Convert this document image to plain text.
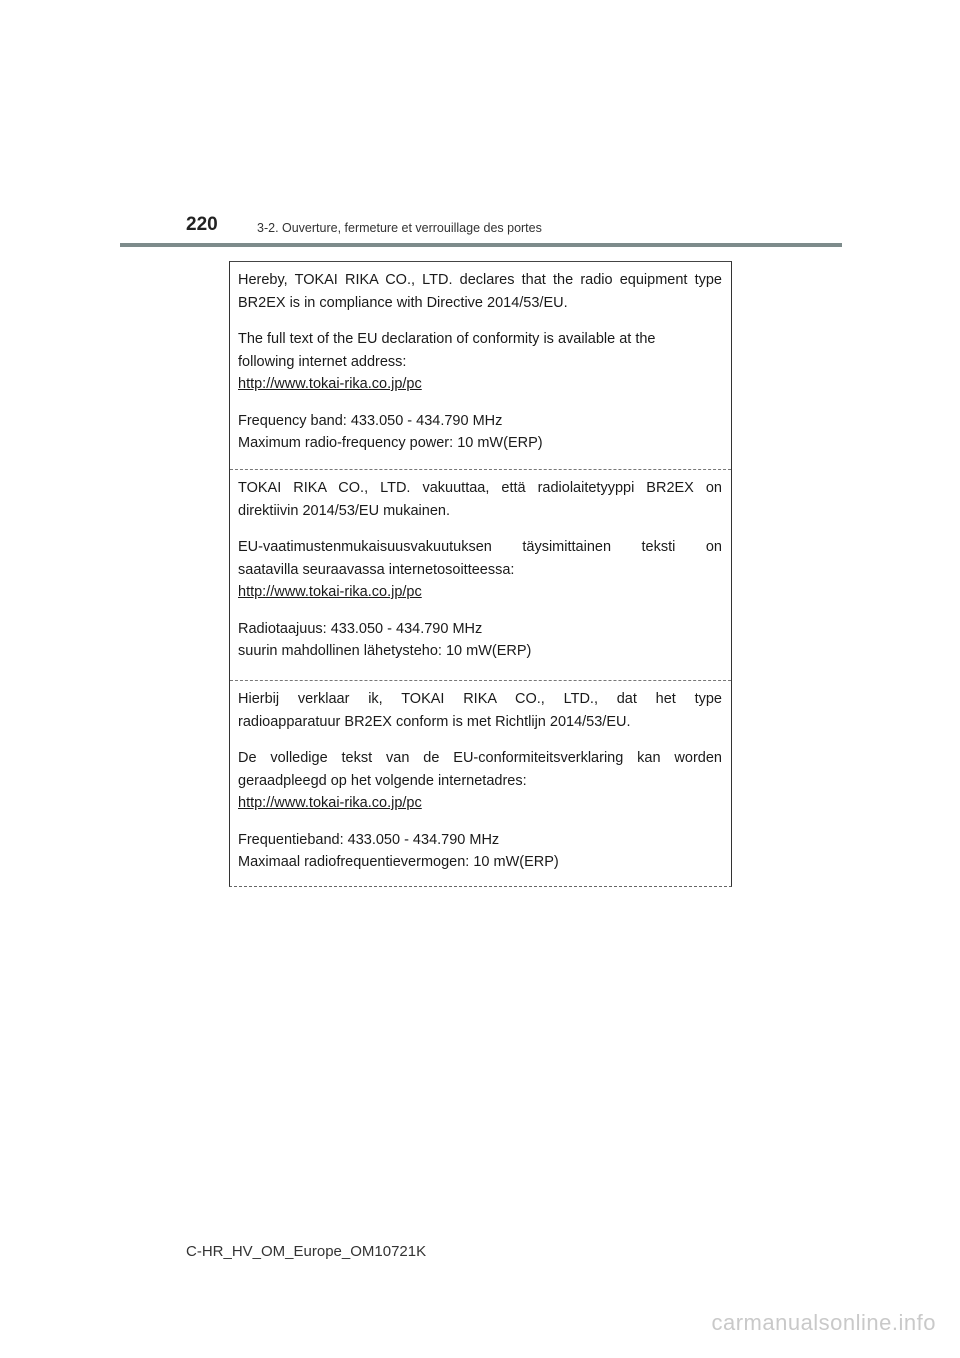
220	3-2. Ouverture, fermeture et verrouillage des portes

Hereby, TOKAI RIKA CO., LTD. declares that the radio equipment type

BR2EX is in compliance with Directive 2014/53/EU.

The full text of the EU declaration of conformity is available at the

following internet address:

http://www.tokai-rika.co.jp/pc

Frequency band: 433.050 - 434.790 MHz

Maximum radio-frequency power: 10 mW(ERP)

TOKAI RIKA CO., LTD. vakuuttaa, että radiolaitetyyppi BR2EX on

direktiivin 2014/53/EU mukainen.

EU-vaatimustenmukaisuusvakuutuksen täysimittainen teksti on

saatavilla seuraavassa internetosoitteessa:

http://www.tokai-rika.co.jp/pc

Radiotaajuus: 433.050 - 434.790 MHz

suurin mahdollinen lähetysteho: 10 mW(ERP)

Hierbij verklaar ik, TOKAI RIKA CO., LTD., dat het type

radioapparatuur BR2EX conform is met Richtlijn 2014/53/EU.

De volledige tekst van de EU-conformiteitsverklaring kan worden

geraadpleegd op het volgende internetadres:

http://www.tokai-rika.co.jp/pc

Frequentieband: 433.050 - 434.790 MHz

Maximaal radiofrequentievermogen: 10 mW(ERP)

C-HR_HV_OM_Europe_OM10721K
carmanualsonline.info
